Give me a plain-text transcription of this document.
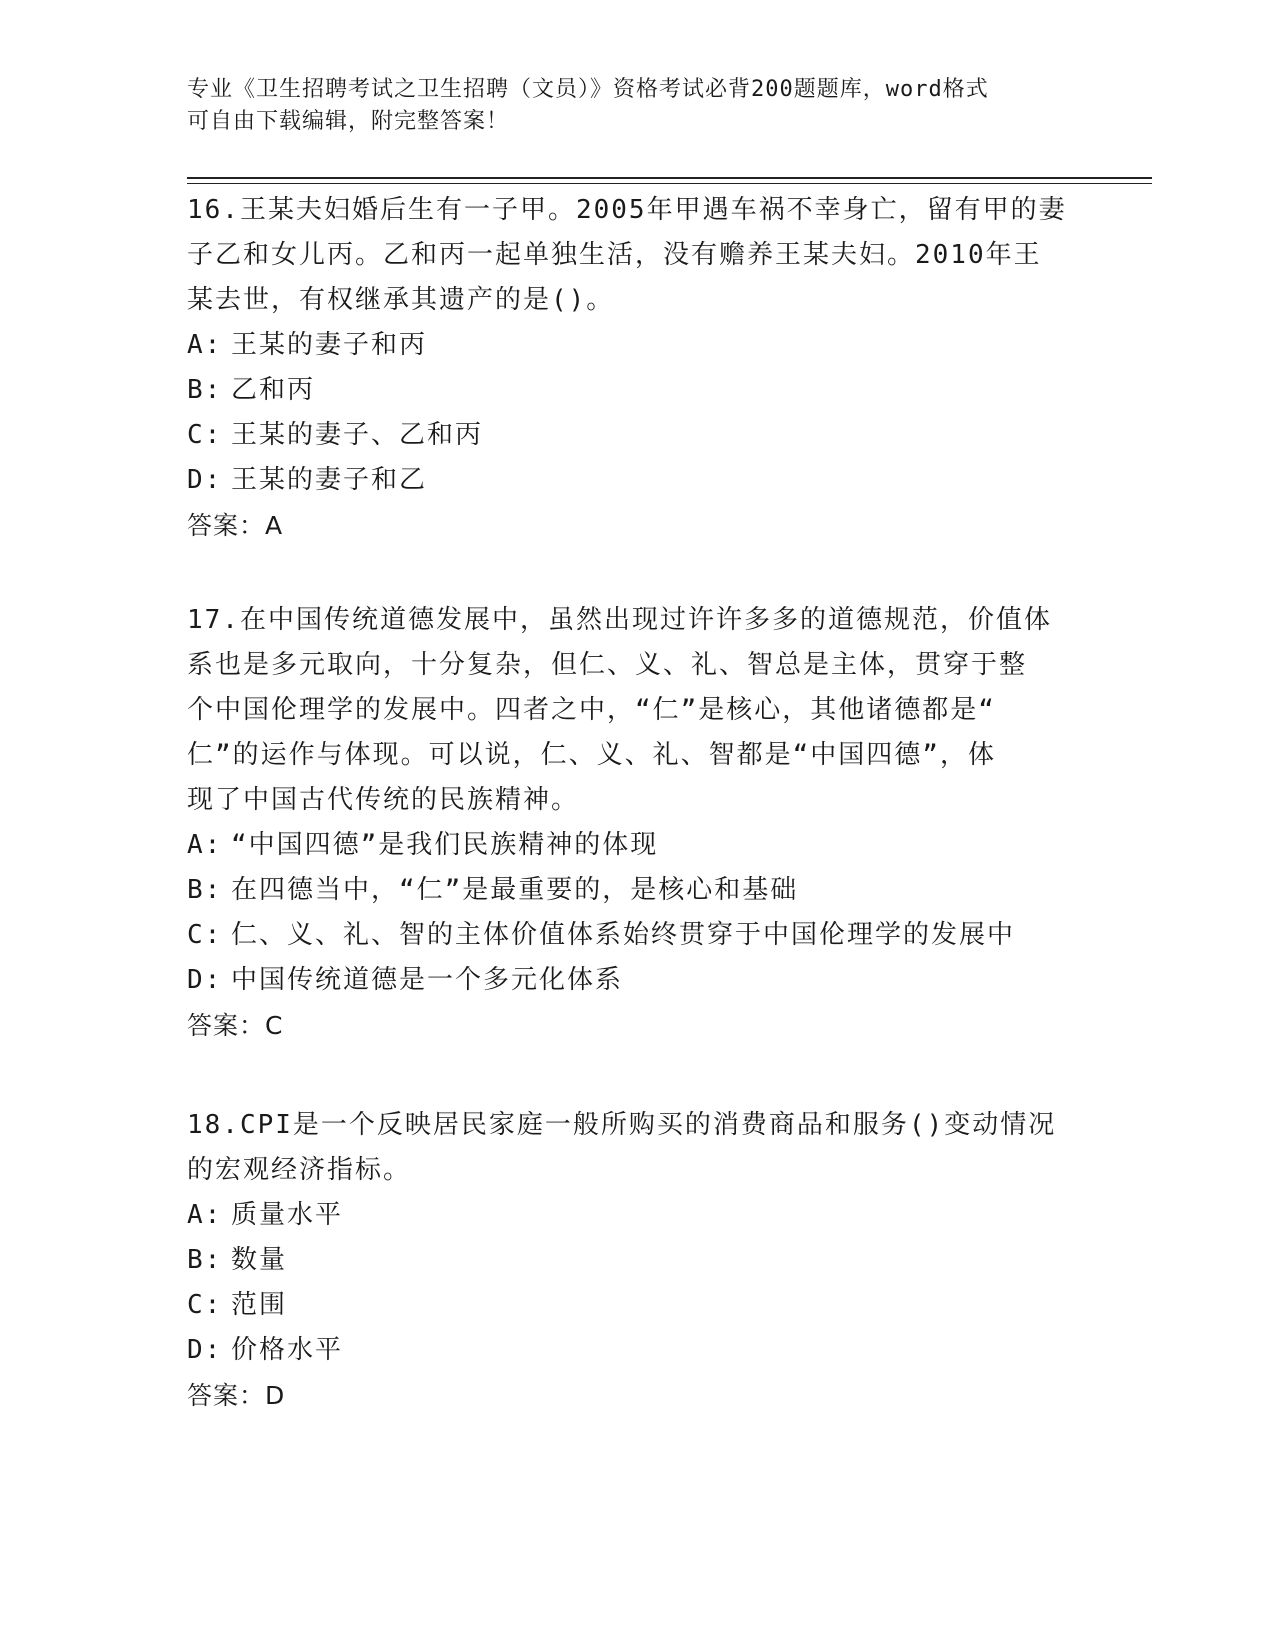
专业《卫生招聘考试之卫生招聘（文员）》资格考试必背200题题库，word格式
可自由下载编辑，附完整答案！

16.王某夫妇婚后生有一子甲。2005年甲遇车祸不幸身亡，留有甲的妻

子乙和女儿丙。乙和丙一起单独生活，没有赡养王某夫妇。2010年王

某去世，有权继承其遗产的是()。

A: 王某的妻子和丙

B: 乙和丙

C: 王某的妻子、乙和丙

D: 王某的妻子和乙

答案：A

17.在中国传统道德发展中，虽然出现过许许多多的道德规范，价值体

系也是多元取向，十分复杂，但仁、义、礼、智总是主体，贯穿于整

个中国伦理学的发展中。四者之中，“仁”是核心，其他诸德都是“

仁”的运作与体现。可以说，仁、义、礼、智都是“中国四德”，体

现了中国古代传统的民族精神。

A: “中国四德”是我们民族精神的体现

B: 在四德当中，“仁”是最重要的，是核心和基础

C: 仁、义、礼、智的主体价值体系始终贯穿于中国伦理学的发展中

D: 中国传统道德是一个多元化体系

答案：C

18.CPI是一个反映居民家庭一般所购买的消费商品和服务()变动情况

的宏观经济指标。

A: 质量水平

B: 数量

C: 范围

D: 价格水平

答案：D
